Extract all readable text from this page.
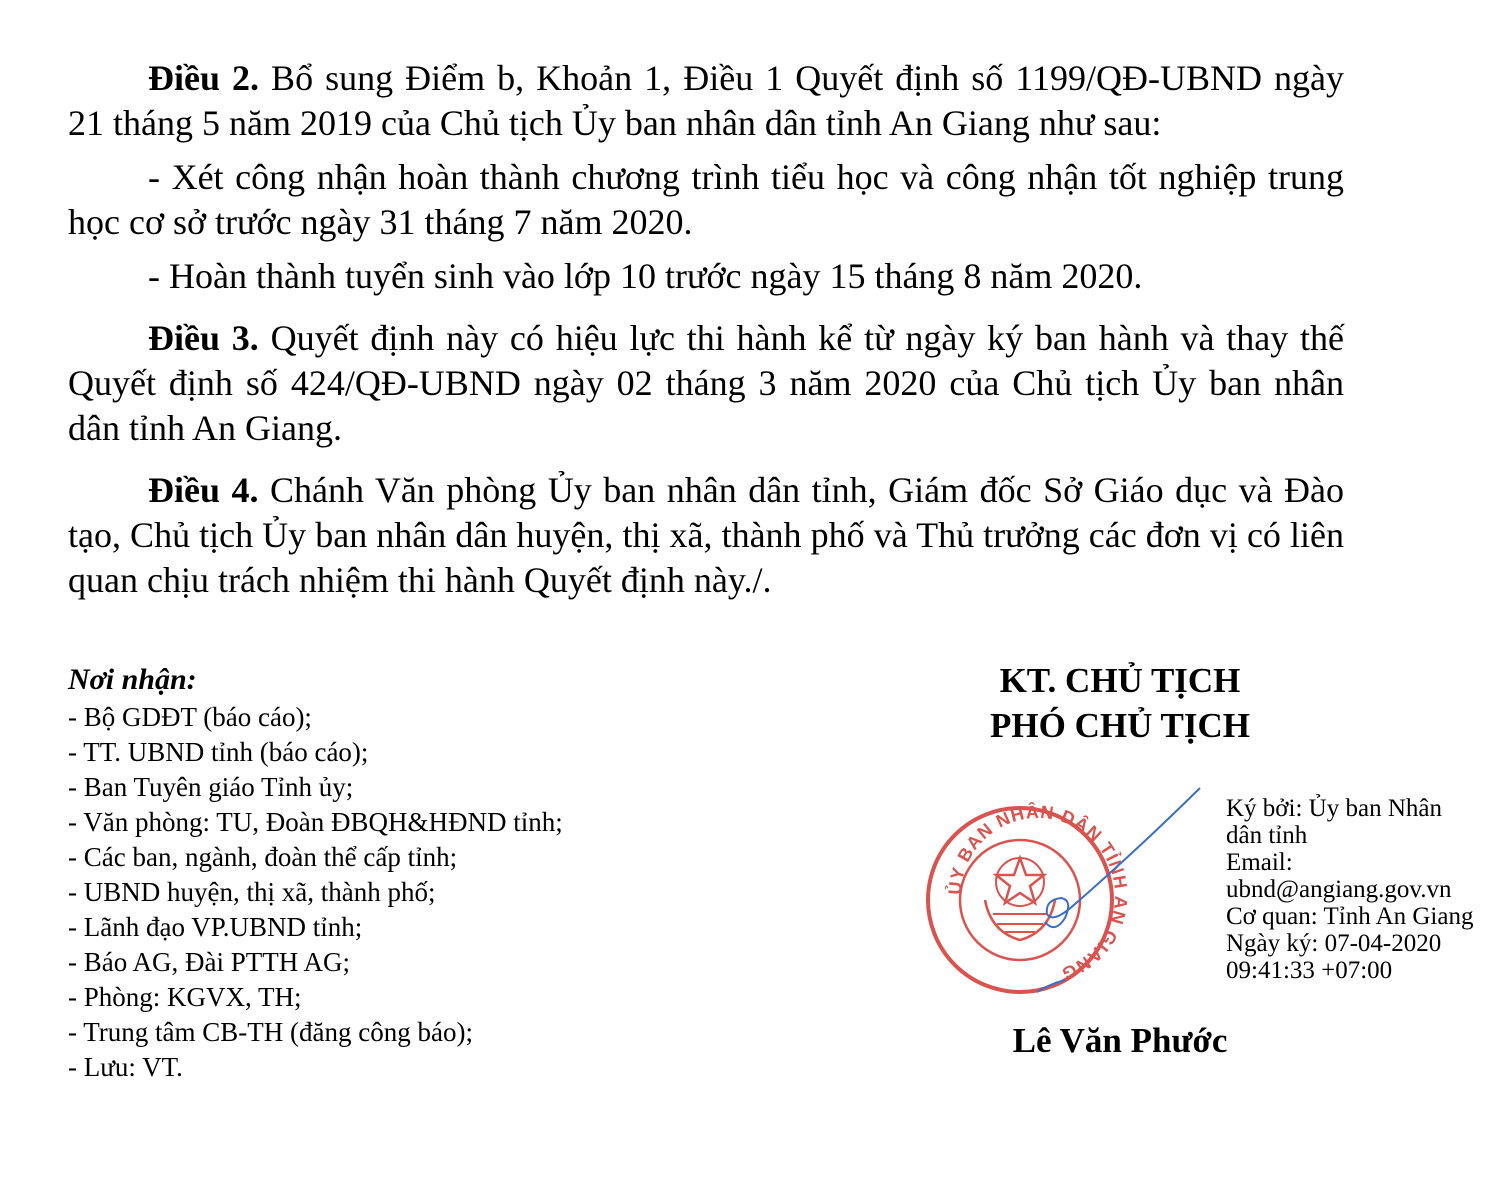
Điều 2. Bổ sung Điểm b, Khoản 1, Điều 1 Quyết định số 1199/QĐ-UBND ngày 21 tháng 5 năm 2019 của Chủ tịch Ủy ban nhân dân tỉnh An Giang như sau:

- Xét công nhận hoàn thành chương trình tiểu học và công nhận tốt nghiệp trung học cơ sở trước ngày 31 tháng 7 năm 2020.

- Hoàn thành tuyển sinh vào lớp 10 trước ngày 15 tháng 8 năm 2020.

Điều 3. Quyết định này có hiệu lực thi hành kể từ ngày ký ban hành và thay thế Quyết định số 424/QĐ-UBND ngày 02 tháng 3 năm 2020 của Chủ tịch Ủy ban nhân dân tỉnh An Giang.

Điều 4. Chánh Văn phòng Ủy ban nhân dân tỉnh, Giám đốc Sở Giáo dục và Đào tạo, Chủ tịch Ủy ban nhân dân huyện, thị xã, thành phố và Thủ trưởng các đơn vị có liên quan chịu trách nhiệm thi hành Quyết định này./.

Nơi nhận:
- Bộ GDĐT (báo cáo);
- TT. UBND tỉnh (báo cáo);
- Ban Tuyên giáo Tỉnh ủy;
- Văn phòng: TU, Đoàn ĐBQH&HĐND tỉnh;
- Các ban, ngành, đoàn thể cấp tỉnh;
- UBND huyện, thị xã, thành phố;
- Lãnh đạo VP.UBND tỉnh;
- Báo AG, Đài PTTH AG;
- Phòng: KGVX, TH;
- Trung tâm CB-TH (đăng công báo);
- Lưu: VT.
KT. CHỦ TỊCH
PHÓ CHỦ TỊCH
ỦY BAN NHÂN DÂN TỈNH AN GIANG
Ký bởi: Ủy ban Nhân
dân tỉnh
Email:
ubnd@angiang.gov.vn
Cơ quan: Tỉnh An Giang
Ngày ký: 07-04-2020
09:41:33 +07:00
Lê Văn Phước
